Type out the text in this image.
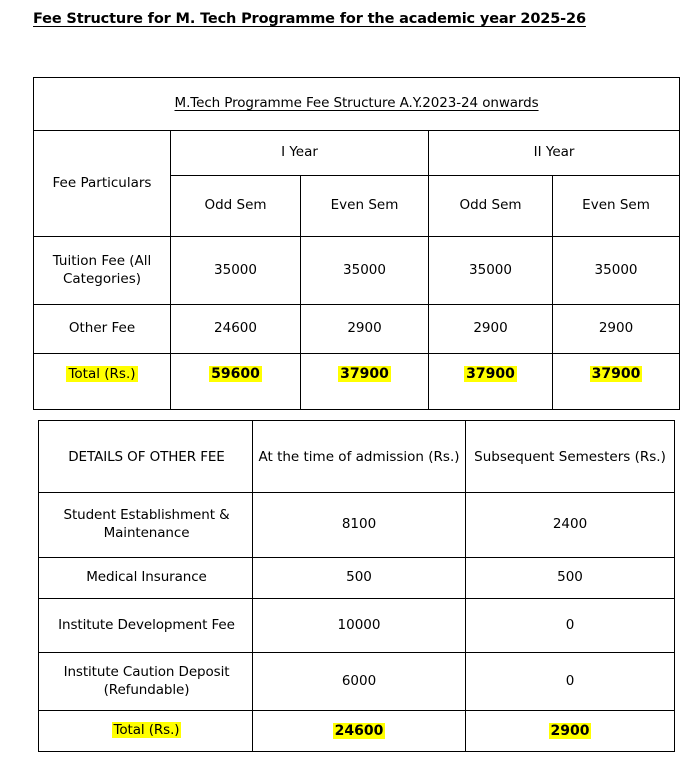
Fee Structure for M. Tech Programme for the academic year 2025-26
M.Tech Programme Fee Structure A.Y.2023-24 onwards				
Fee Particulars	I Year		II Year	
	Odd Sem	Even Sem	Odd Sem	Even Sem
Tuition Fee (All Categories)	35000	35000	35000	35000
Other Fee	24600	2900	2900	2900

Total (Rs.)	59600	37900	37900	37900
DETAILS OF OTHER FEE	At the time of admission (Rs.)	Subsequent Semesters (Rs.)
Student Establishment & Maintenance	8100	2400
Medical Insurance	500	500
Institute Development Fee	10000	0
Institute Caution Deposit (Refundable)	6000	0
Total (Rs.)	24600	2900
